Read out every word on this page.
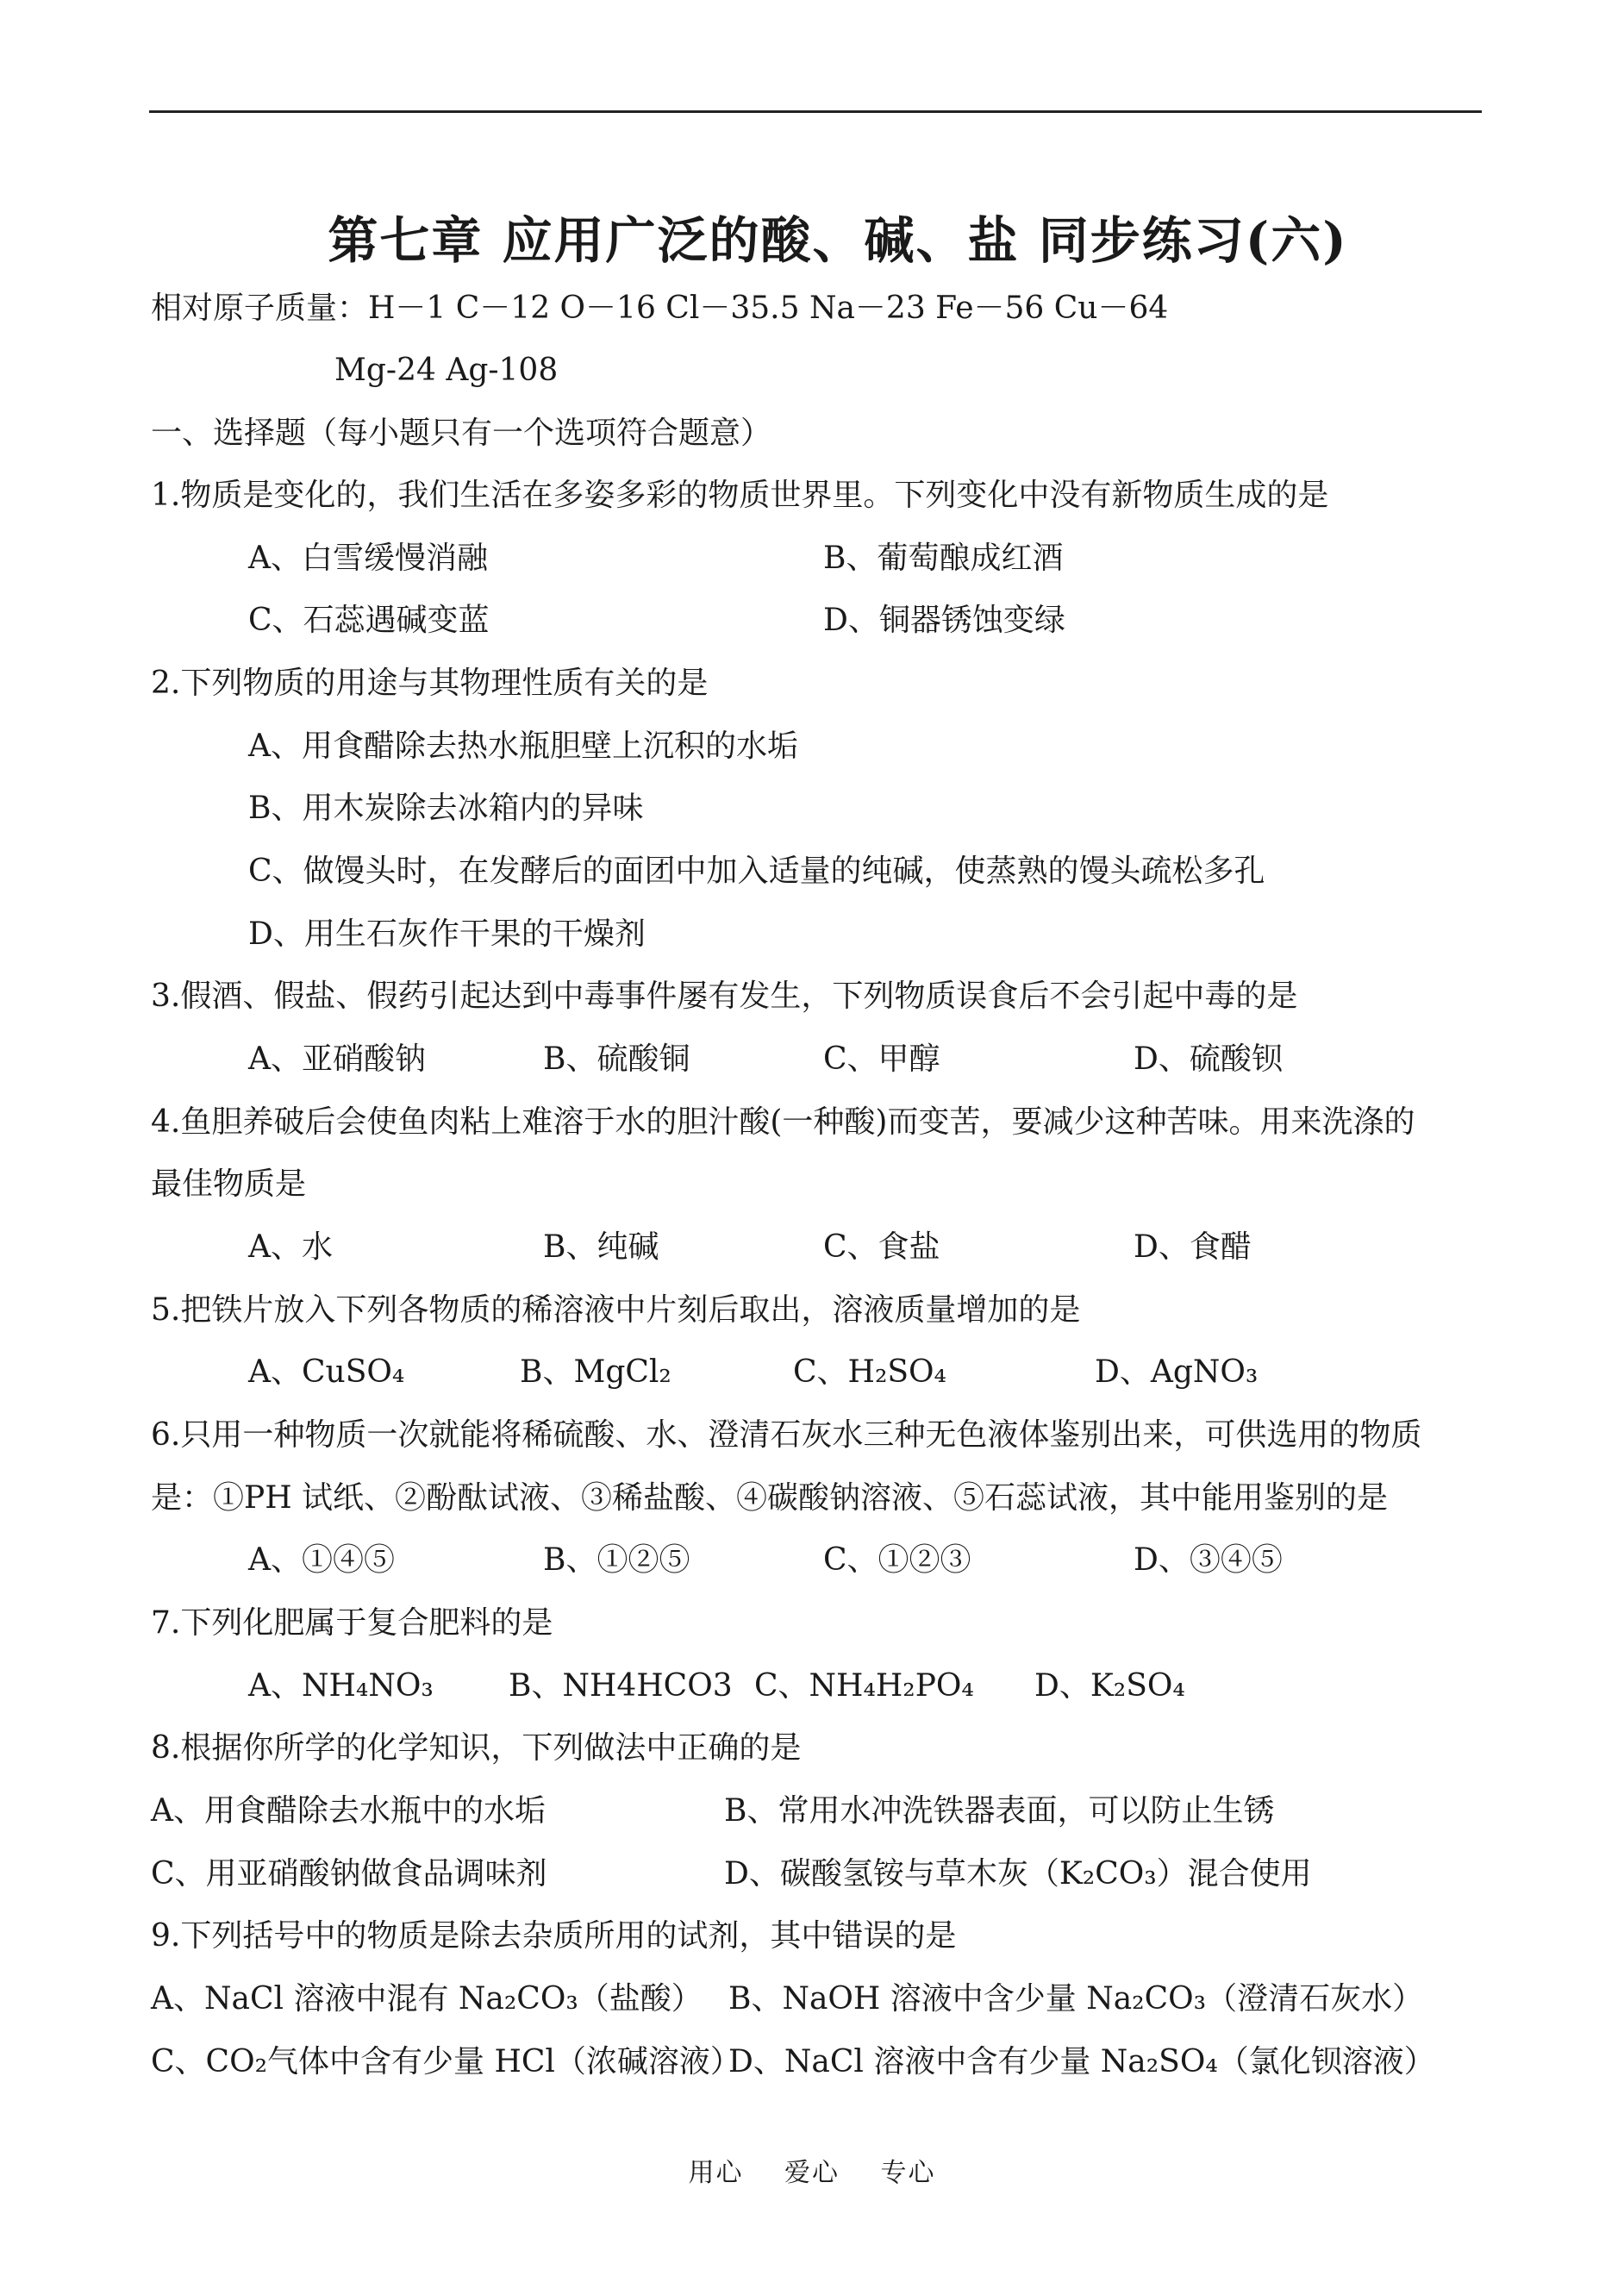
第七章 应用广泛的酸、碱、盐 同步练习(六)
相对原子质量：H－1 C－12 O－16 Cl－35.5 Na－23 Fe－56 Cu－64
Mg-24 Ag-108
一、选择题（每小题只有一个选项符合题意）
1.物质是变化的，我们生活在多姿多彩的物质世界里。下列变化中没有新物质生成的是
A、白雪缓慢消融	B、葡萄酿成红酒
C、石蕊遇碱变蓝	D、铜器锈蚀变绿
2.下列物质的用途与其物理性质有关的是
A、用食醋除去热水瓶胆壁上沉积的水垢
B、用木炭除去冰箱内的异味
C、做馒头时，在发酵后的面团中加入适量的纯碱，使蒸熟的馒头疏松多孔
D、用生石灰作干果的干燥剂
3.假酒、假盐、假药引起达到中毒事件屡有发生，下列物质误食后不会引起中毒的是
A、亚硝酸钠	B、硫酸铜	C、甲醇	D、硫酸钡
4.鱼胆养破后会使鱼肉粘上难溶于水的胆汁酸(一种酸)而变苦，要减少这种苦味。用来洗涤的
最佳物质是
A、水	B、纯碱	C、食盐	D、食醋
5.把铁片放入下列各物质的稀溶液中片刻后取出，溶液质量增加的是
A、CuSO₄	B、MgCl₂	C、H₂SO₄	D、AgNO₃
6.只用一种物质一次就能将稀硫酸、水、澄清石灰水三种无色液体鉴别出来，可供选用的物质
是：①PH 试纸、②酚酞试液、③稀盐酸、④碳酸钠溶液、⑤石蕊试液，其中能用鉴别的是
A、①④⑤	B、①②⑤	C、①②③	D、③④⑤
7.下列化肥属于复合肥料的是
A、NH₄NO₃ B、NH4HCO3 C、NH₄H₂PO₄ D、K₂SO₄
8.根据你所学的化学知识，下列做法中正确的是
A、用食醋除去水瓶中的水垢	B、常用水冲洗铁器表面，可以防止生锈
C、用亚硝酸钠做食品调味剂	D、碳酸氢铵与草木灰（K₂CO₃）混合使用
9.下列括号中的物质是除去杂质所用的试剂，其中错误的是
A、NaCl 溶液中混有 Na₂CO₃（盐酸） B、NaOH 溶液中含少量 Na₂CO₃（澄清石灰水）
C、CO₂气体中含有少量 HCl（浓碱溶液）
D、NaCl 溶液中含有少量 Na₂SO₄（氯化钡溶液）
用心 爱心 专心
